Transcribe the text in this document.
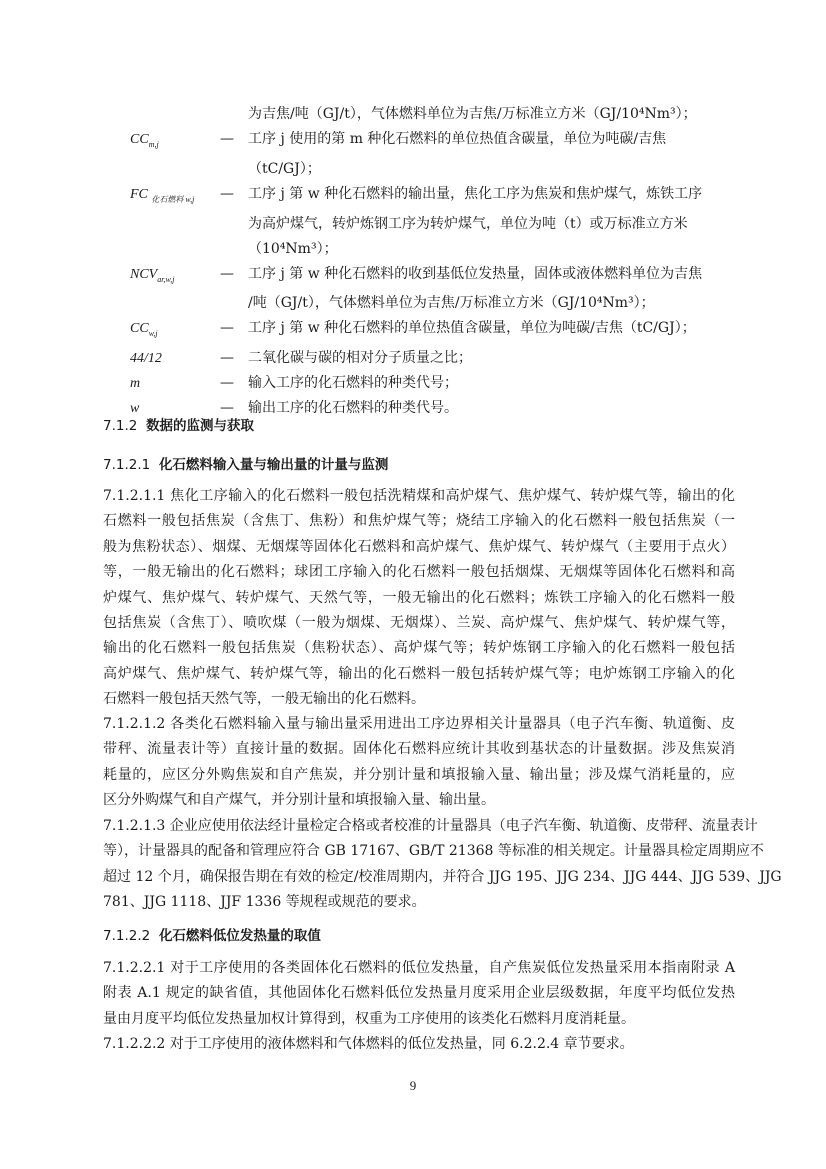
为吉焦/吨（GJ/t），气体燃料单位为吉焦/万标准立方米（GJ/10⁴Nm³）；
$CC_{m,j}$	—	工序 j 使用的第 m 种化石燃料的单位热值含碳量，单位为吨碳/吉焦
（tC/GJ）；
FC $_{化石燃料 w,j}$	—	工序 j 第 w 种化石燃料的输出量，焦化工序为焦炭和焦炉煤气，炼铁工序
为高炉煤气，转炉炼钢工序为转炉煤气，单位为吨（t）或万标准立方米
（10⁴Nm³）；
$NCV_{ar,w,j}$	—	工序 j 第 w 种化石燃料的收到基低位发热量，固体或液体燃料单位为吉焦
/吨（GJ/t），气体燃料单位为吉焦/万标准立方米（GJ/10⁴Nm³）；
$CC_{w,j}$	—	工序 j 第 w 种化石燃料的单位热值含碳量，单位为吨碳/吉焦（tC/GJ）；
44/12	—	二氧化碳与碳的相对分子质量之比；
m	—	输入工序的化石燃料的种类代号；
w	—	输出工序的化石燃料的种类代号。
7.1.2 数据的监测与获取
7.1.2.1 化石燃料输入量与输出量的计量与监测
7.1.2.1.1 焦化工序输入的化石燃料一般包括洗精煤和高炉煤气、焦炉煤气、转炉煤气等，输出的化
石燃料一般包括焦炭（含焦丁、焦粉）和焦炉煤气等；烧结工序输入的化石燃料一般包括焦炭（一
般为焦粉状态）、烟煤、无烟煤等固体化石燃料和高炉煤气、焦炉煤气、转炉煤气（主要用于点火）
等，一般无输出的化石燃料；球团工序输入的化石燃料一般包括烟煤、无烟煤等固体化石燃料和高
炉煤气、焦炉煤气、转炉煤气、天然气等，一般无输出的化石燃料；炼铁工序输入的化石燃料一般
包括焦炭（含焦丁）、喷吹煤（一般为烟煤、无烟煤）、兰炭、高炉煤气、焦炉煤气、转炉煤气等，
输出的化石燃料一般包括焦炭（焦粉状态）、高炉煤气等；转炉炼钢工序输入的化石燃料一般包括
高炉煤气、焦炉煤气、转炉煤气等，输出的化石燃料一般包括转炉煤气等；电炉炼钢工序输入的化
石燃料一般包括天然气等，一般无输出的化石燃料。
7.1.2.1.2 各类化石燃料输入量与输出量采用进出工序边界相关计量器具（电子汽车衡、轨道衡、皮
带秤、流量表计等）直接计量的数据。固体化石燃料应统计其收到基状态的计量数据。涉及焦炭消
耗量的，应区分外购焦炭和自产焦炭，并分别计量和填报输入量、输出量；涉及煤气消耗量的，应
区分外购煤气和自产煤气，并分别计量和填报输入量、输出量。
7.1.2.1.3 企业应使用依法经计量检定合格或者校准的计量器具（电子汽车衡、轨道衡、皮带秤、流量表计
等），计量器具的配备和管理应符合 GB 17167、GB/T 21368 等标准的相关规定。计量器具检定周期应不
超过 12 个月，确保报告期在有效的检定/校准周期内，并符合 JJG 195、JJG 234、JJG 444、JJG 539、JJG
781、JJG 1118、JJF 1336 等规程或规范的要求。
7.1.2.2 化石燃料低位发热量的取值
7.1.2.2.1 对于工序使用的各类固体化石燃料的低位发热量，自产焦炭低位发热量采用本指南附录 A
附表 A.1 规定的缺省值，其他固体化石燃料低位发热量月度采用企业层级数据，年度平均低位发热
量由月度平均低位发热量加权计算得到，权重为工序使用的该类化石燃料月度消耗量。
7.1.2.2.2 对于工序使用的液体燃料和气体燃料的低位发热量，同 6.2.2.4 章节要求。
9
